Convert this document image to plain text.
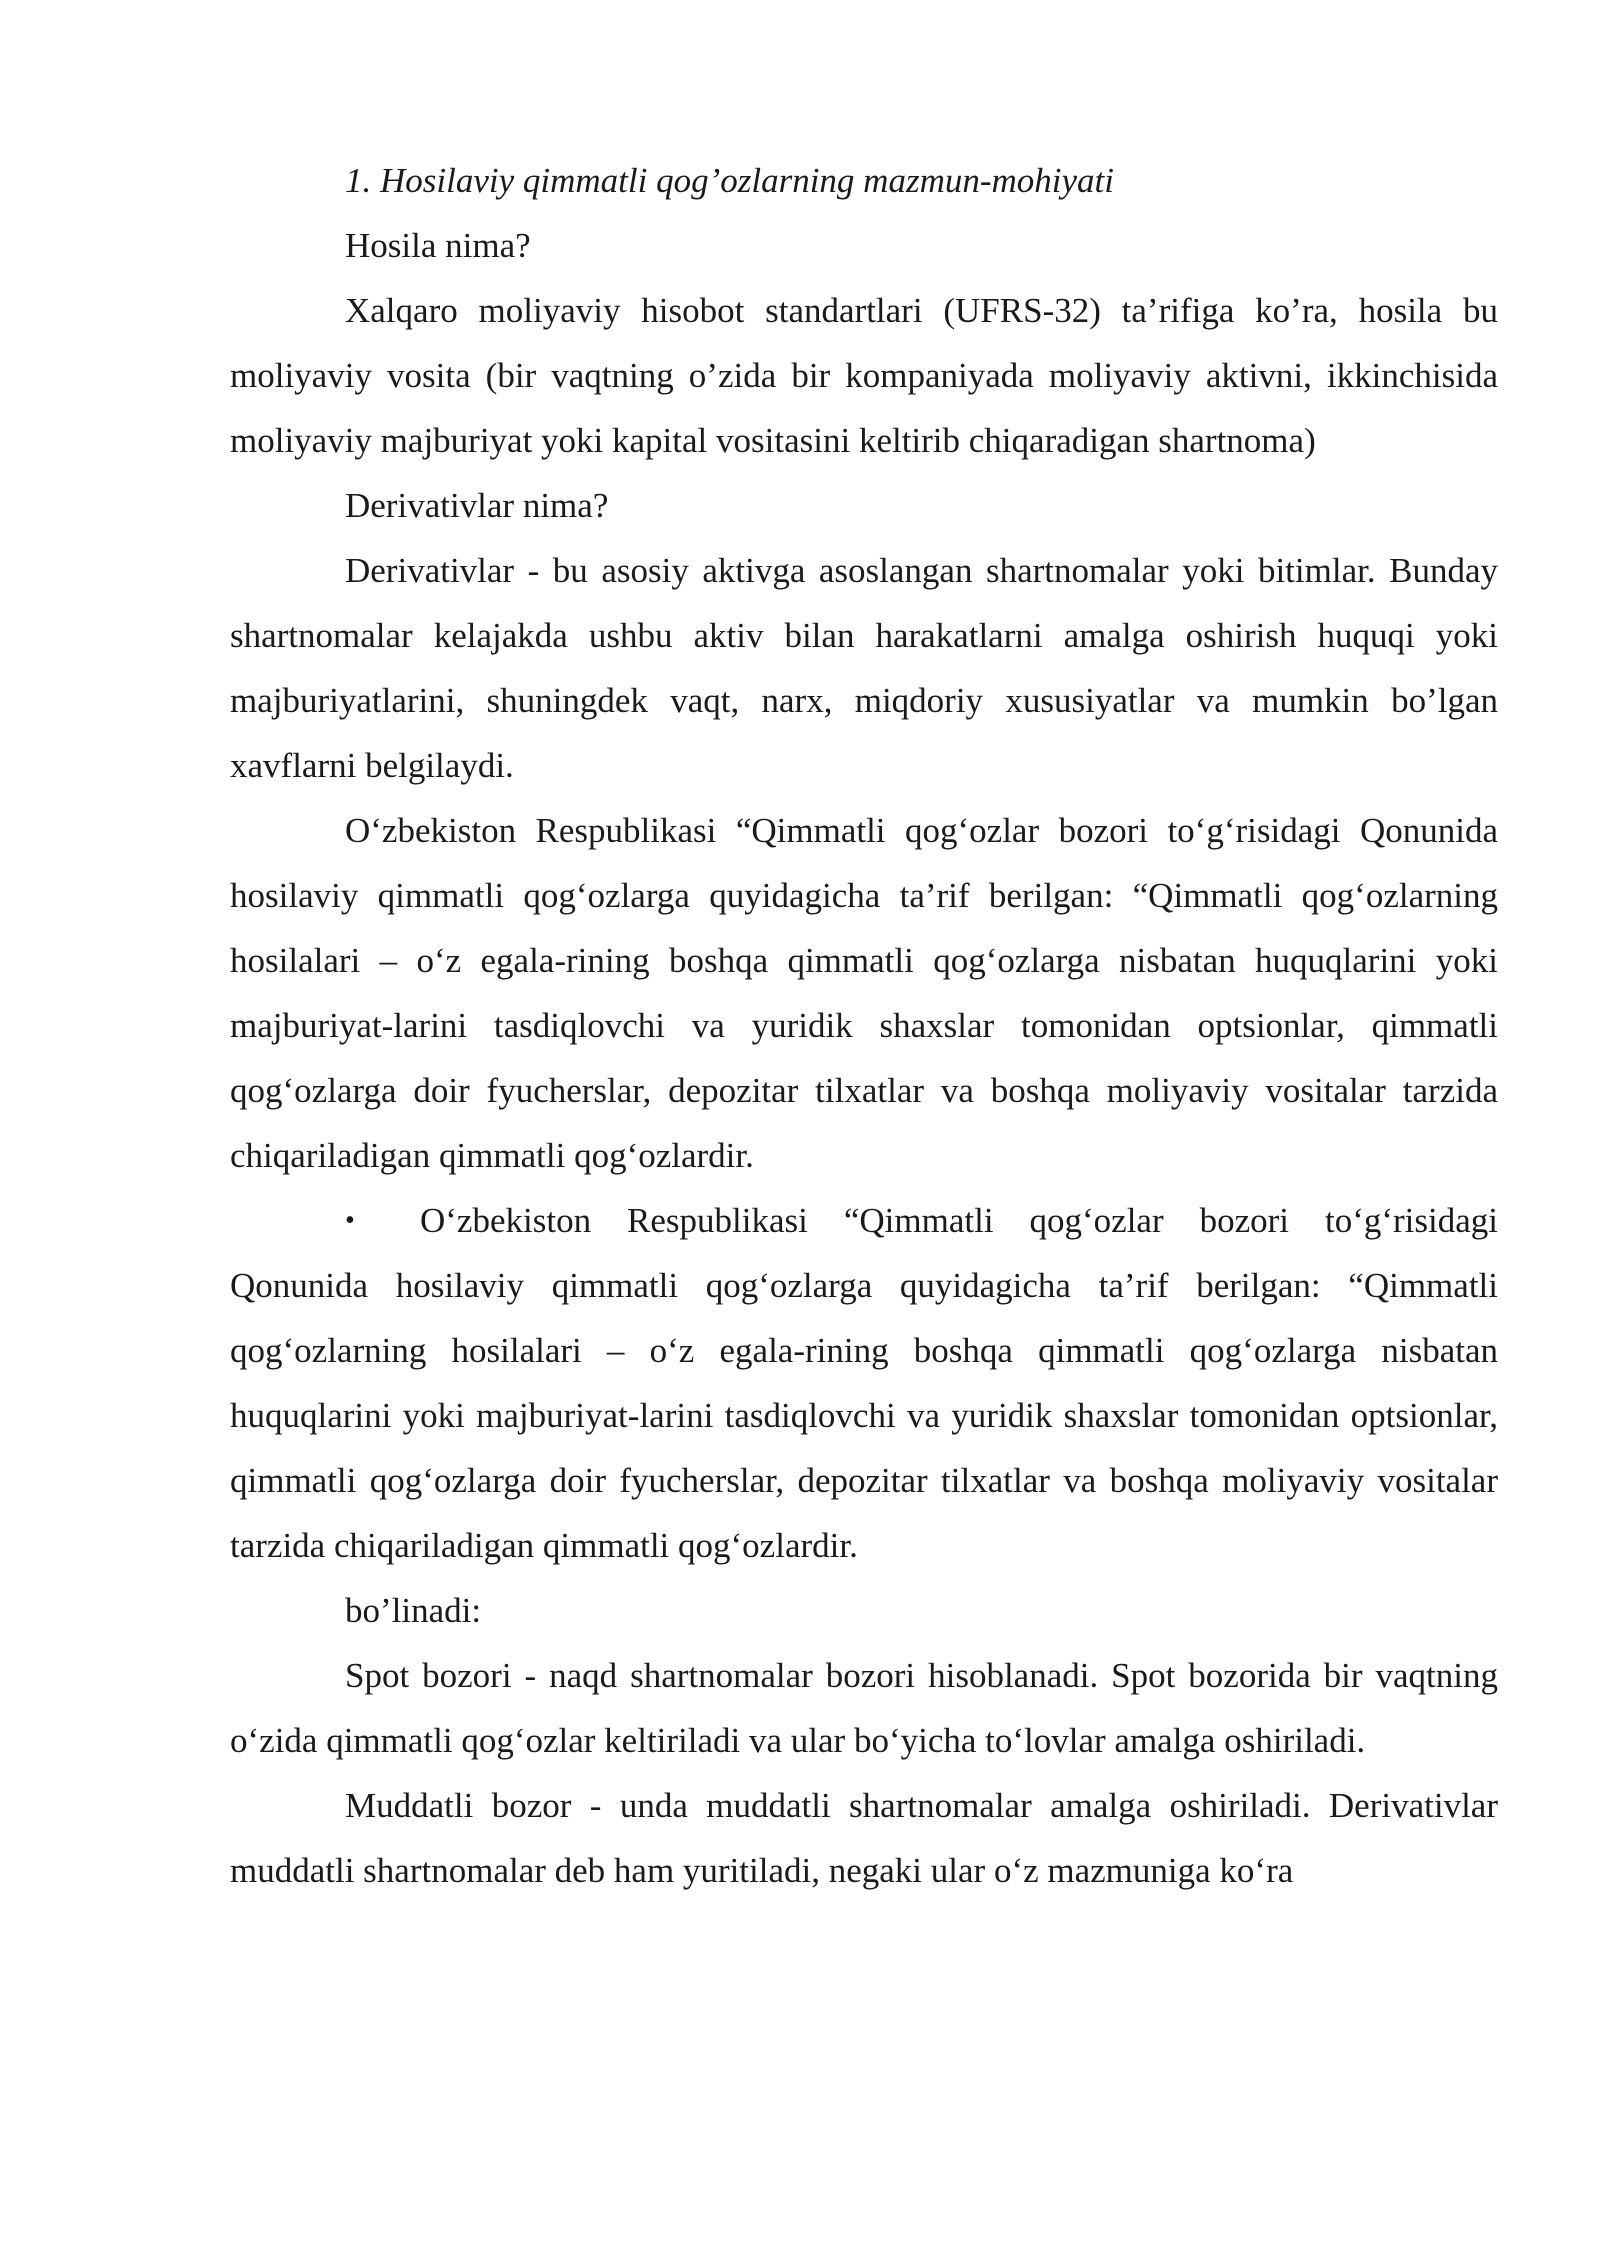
1. Hosilaviy qimmatli qog’ozlarning mazmun-mohiyati

Hosila nima?

Xalqaro moliyaviy hisobot standartlari (UFRS-32) ta’rifiga ko’ra, hosila bu moliyaviy vosita (bir vaqtning o’zida bir kompaniyada moliyaviy aktivni, ikkinchisida moliyaviy majburiyat yoki kapital vositasini keltirib chiqaradigan shartnoma)

Derivativlar nima?

Derivativlar - bu asosiy aktivga asoslangan shartnomalar yoki bitimlar. Bunday shartnomalar kelajakda ushbu aktiv bilan harakatlarni amalga oshirish huquqi yoki majburiyatlarini, shuningdek vaqt, narx, miqdoriy xususiyatlar va mumkin bo’lgan xavflarni belgilaydi.

O‘zbekiston Respublikasi “Qimmatli qog‘ozlar bozori to‘g‘risidagi Qonunida hosilaviy qimmatli qog‘ozlarga quyidagicha ta’rif berilgan: “Qimmatli qog‘ozlarning hosilalari – o‘z egala-rining boshqa qimmatli qog‘ozlarga nisbatan huquqlarini yoki majburiyat-larini tasdiqlovchi va yuridik shaxslar tomonidan optsionlar, qimmatli qog‘ozlarga doir fyucherslar, depozitar tilxatlar va boshqa moliyaviy vositalar tarzida chiqariladigan qimmatli qog‘ozlardir.

• O‘zbekiston Respublikasi “Qimmatli qog‘ozlar bozori to‘g‘risidagi Qonunida hosilaviy qimmatli qog‘ozlarga quyidagicha ta’rif berilgan: “Qimmatli qog‘ozlarning hosilalari – o‘z egala-rining boshqa qimmatli qog‘ozlarga nisbatan huquqlarini yoki majburiyat-larini tasdiqlovchi va yuridik shaxslar tomonidan optsionlar, qimmatli qog‘ozlarga doir fyucherslar, depozitar tilxatlar va boshqa moliyaviy vositalar tarzida chiqariladigan qimmatli qog‘ozlardir.

bo’linadi:

Spot bozori - naqd shartnomalar bozori hisoblanadi. Spot bozorida bir vaqtning o‘zida qimmatli qog‘ozlar keltiriladi va ular bo‘yicha to‘lovlar amalga oshiriladi.

Muddatli bozor - unda muddatli shartnomalar amalga oshiriladi. Derivativlar muddatli shartnomalar deb ham yuritiladi, negaki ular o‘z mazmuniga ko‘ra
